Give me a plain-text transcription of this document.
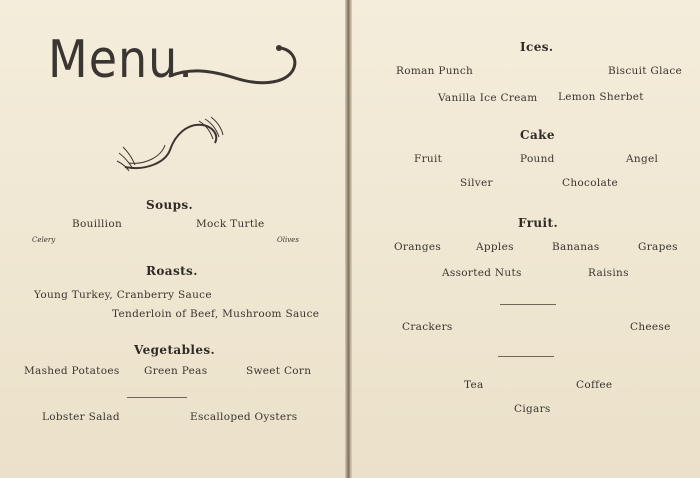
Menu.
Soups.
Bouillion	Mock Turtle
Celery	Olives
Roasts.
Young Turkey, Cranberry Sauce
Tenderloin of Beef, Mushroom Sauce
Vegetables.
Mashed Potatoes Green Peas	Sweet Corn
Lobster Salad	Escalloped Oysters
Ices.
Roman Punch	Biscuit Glace
Vanilla Ice Cream Lemon Sherbet
Cake
Fruit	Pound	Angel
Silver	Chocolate
Fruit.
Oranges	Apples	Bananas	Grapes
Assorted Nuts	Raisins
Crackers	Cheese
Tea	Coffee
Cigars
